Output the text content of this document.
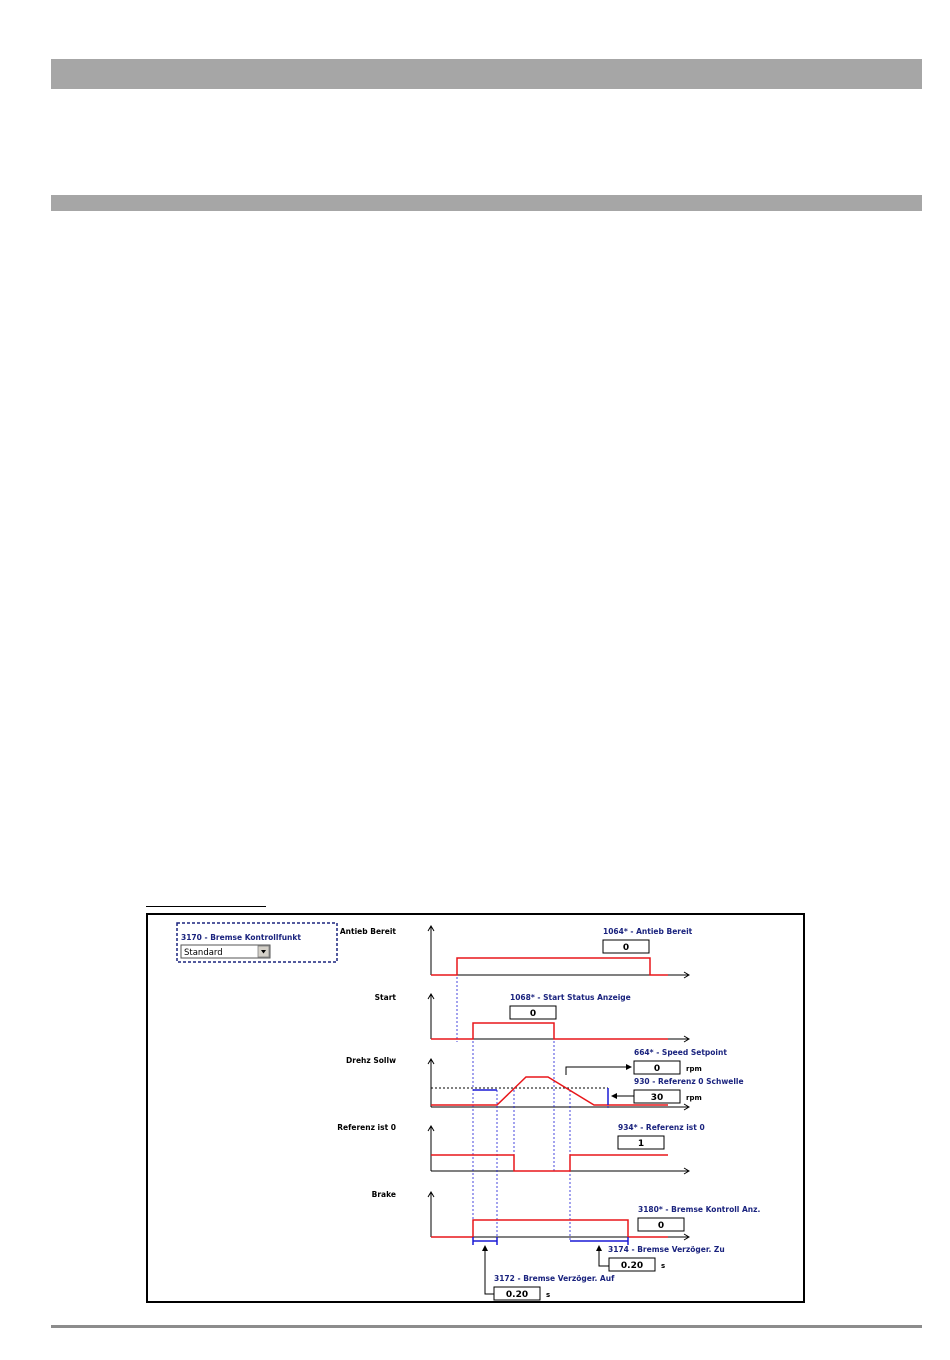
3170 - Bremse Kontrollfunkt
Standard
Antieb Bereit
Start
Drehz Sollw
Referenz ist 0
Brake
1064* - Antieb Bereit
0
1068* - Start Status Anzeige
0
664* - Speed Setpoint
0	rpm
930 - Referenz 0 Schwelle
30	rpm
934* - Referenz ist 0
1
3180* - Bremse Kontroll Anz.
0
3174 - Bremse Verzöger. Zu
0.20	s
3172 - Bremse Verzöger. Auf
0.20	s
